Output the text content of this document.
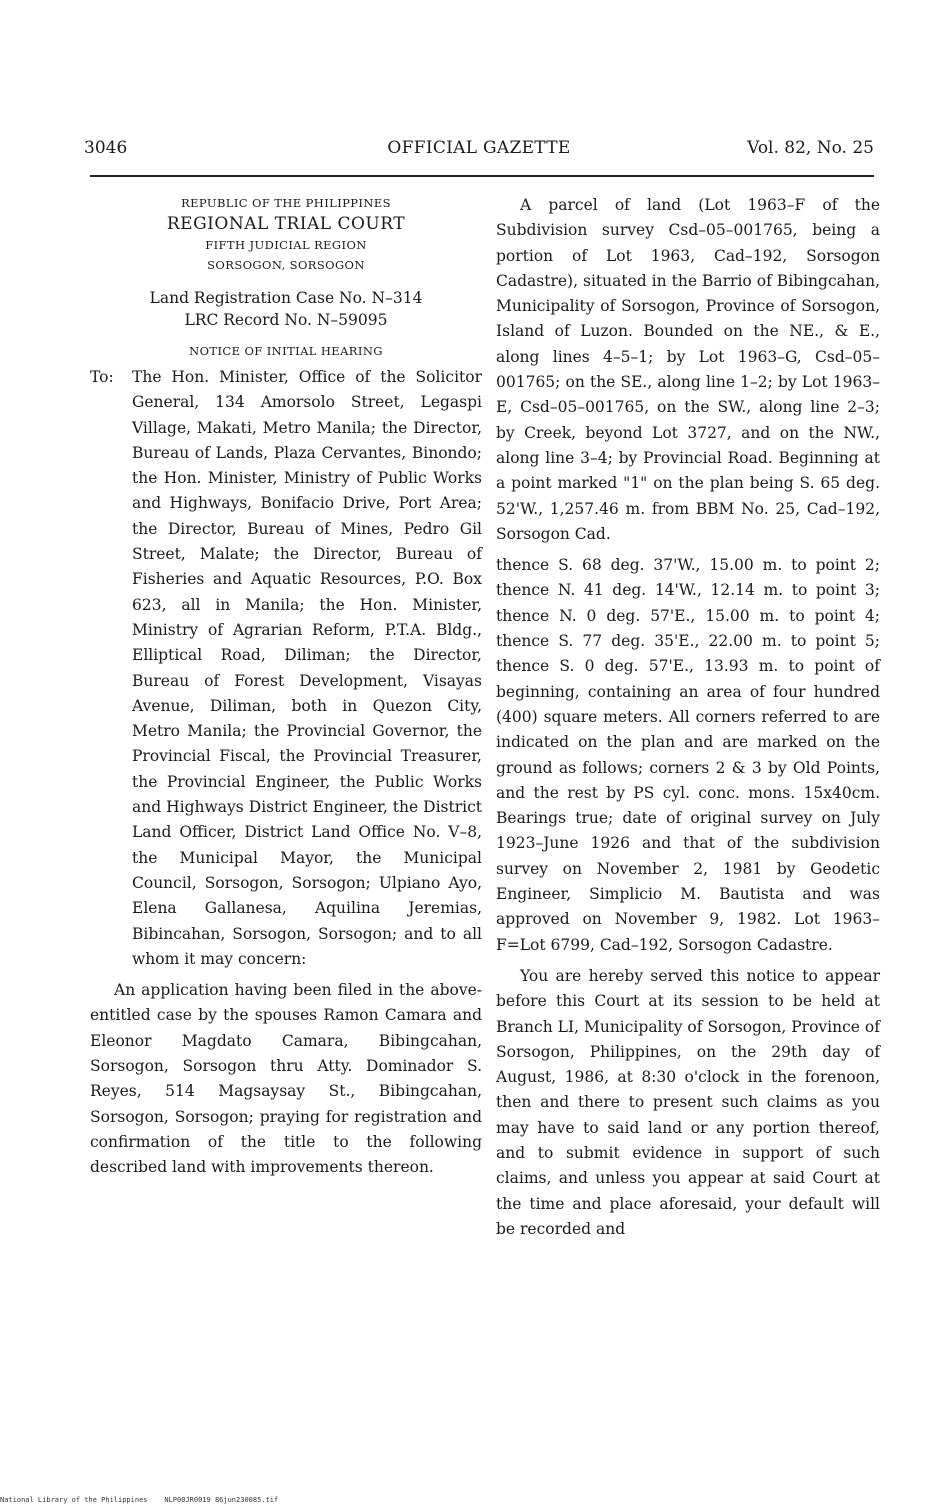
3046	OFFICIAL GAZETTE	Vol. 82, No. 25
REPUBLIC OF THE PHILIPPINES
REGIONAL TRIAL COURT
FIFTH JUDICIAL REGION
SORSOGON, SORSOGON
Land Registration Case No. N–314
LRC Record No. N–59095
NOTICE OF INITIAL HEARING
To: The Hon. Minister, Office of the Solicitor General, 134 Amorsolo Street, Legaspi Village, Makati, Metro Manila; the Director, Bureau of Lands, Plaza Cervantes, Binondo; the Hon. Minister, Ministry of Public Works and Highways, Bonifacio Drive, Port Area; the Director, Bureau of Mines, Pedro Gil Street, Malate; the Director, Bureau of Fisheries and Aquatic Resources, P.O. Box 623, all in Manila; the Hon. Minister, Ministry of Agrarian Reform, P.T.A. Bldg., Elliptical Road, Diliman; the Director, Bureau of Forest Development, Visayas Avenue, Diliman, both in Quezon City, Metro Manila; the Provincial Governor, the Provincial Fiscal, the Provincial Treasurer, the Provincial Engineer, the Public Works and Highways District Engineer, the District Land Officer, District Land Office No. V–8, the Municipal Mayor, the Municipal Council, Sorsogon, Sorsogon; Ulpiano Ayo, Elena Gallanesa, Aquilina Jeremias, Bibincahan, Sorsogon, Sorsogon; and to all whom it may concern:
An application having been filed in the above-entitled case by the spouses Ramon Camara and Eleonor Magdato Camara, Bibingcahan, Sorsogon, Sorsogon thru Atty. Dominador S. Reyes, 514 Magsaysay St., Bibingcahan, Sorsogon, Sorsogon; praying for registration and confirmation of the title to the following described land with improvements thereon.
A parcel of land (Lot 1963–F of the Subdivision survey Csd–05–001765, being a portion of Lot 1963, Cad–192, Sorsogon Cadastre), situated in the Barrio of Bibingcahan, Municipality of Sorsogon, Province of Sorsogon, Island of Luzon. Bounded on the NE., & E., along lines 4–5–1; by Lot 1963–G, Csd–05–001765; on the SE., along line 1–2; by Lot 1963–E, Csd–05–001765, on the SW., along line 2–3; by Creek, beyond Lot 3727, and on the NW., along line 3–4; by Provincial Road. Beginning at a point marked "1" on the plan being S. 65 deg. 52'W., 1,257.46 m. from BBM No. 25, Cad–192, Sorsogon Cad.
thence S. 68 deg. 37'W., 15.00 m. to point 2; thence N. 41 deg. 14'W., 12.14 m. to point 3; thence N. 0 deg. 57'E., 15.00 m. to point 4; thence S. 77 deg. 35'E., 22.00 m. to point 5; thence S. 0 deg. 57'E., 13.93 m. to point of beginning, containing an area of four hundred (400) square meters. All corners referred to are indicated on the plan and are marked on the ground as follows; corners 2 & 3 by Old Points, and the rest by PS cyl. conc. mons. 15x40cm. Bearings true; date of original survey on July 1923–June 1926 and that of the subdivision survey on November 2, 1981 by Geodetic Engineer, Simplicio M. Bautista and was approved on November 9, 1982. Lot 1963–F=Lot 6799, Cad–192, Sorsogon Cadastre.
You are hereby served this notice to appear before this Court at its session to be held at Branch LI, Municipality of Sorsogon, Province of Sorsogon, Philippines, on the 29th day of August, 1986, at 8:30 o'clock in the forenoon, then and there to present such claims as you may have to said land or any portion thereof, and to submit evidence in support of such claims, and unless you appear at said Court at the time and place aforesaid, your default will be recorded and
National Library of the Philippines NLP00JR0019 86jun230085.tif
